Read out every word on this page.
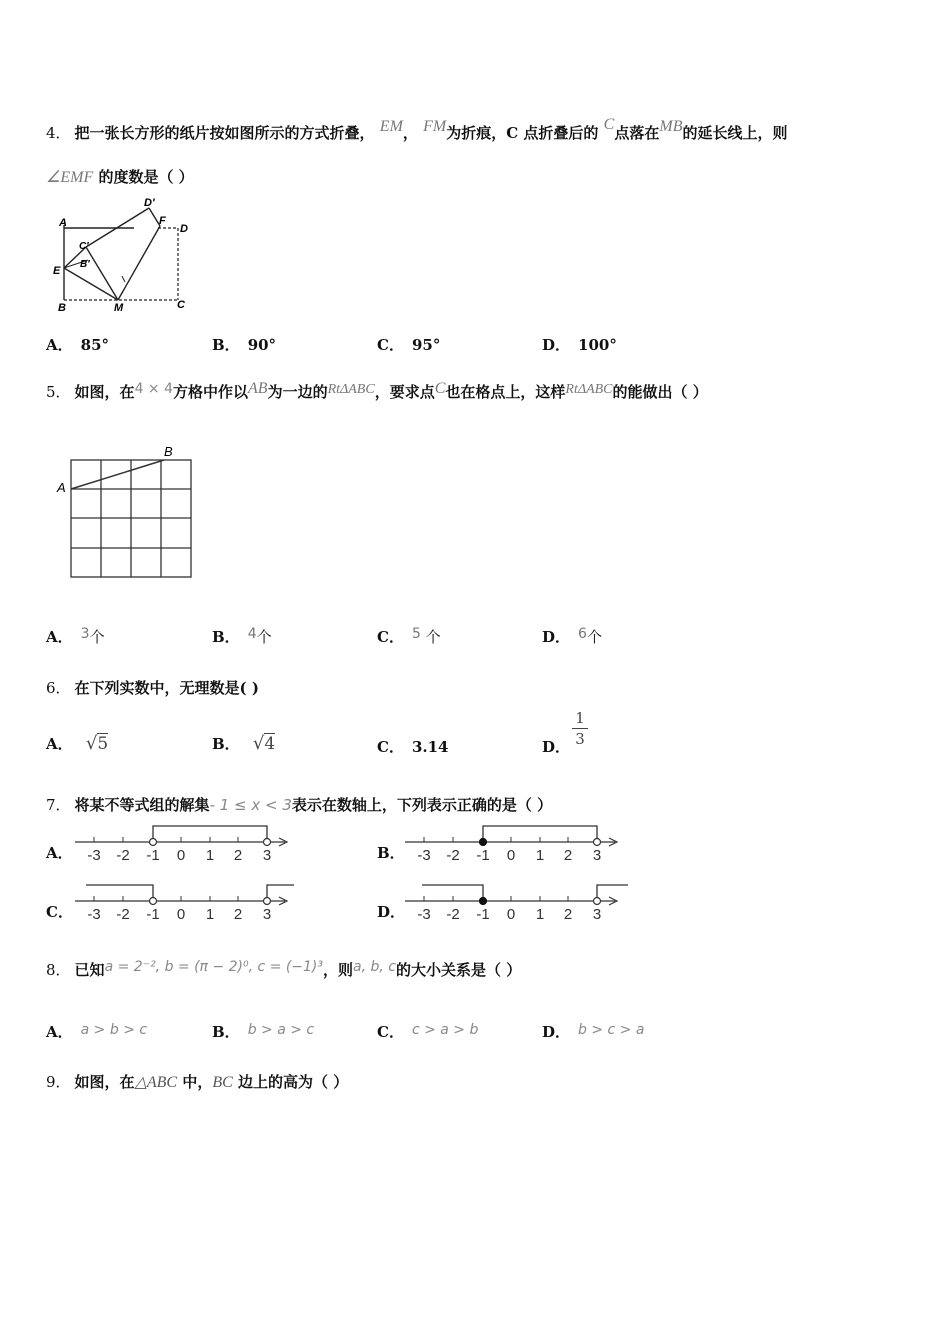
4． 把一张长方形的纸片按如图所示的方式折叠， EM， FM为折痕，C 点折叠后的 C点落在MB的延长线上，则
∠EMF 的度数是（ ）
A
D′
F
D
C′
B′
E
B	M	C
A． 85°	B． 90°	C． 95°	D． 100°
5． 如图，在4 × 4方格中作以AB为一边的RtΔABC，要求点C也在格点上，这样RtΔABC的能做出（ ）
A
B
A． 3个	B． 4个	C． 5 个	D． 6个
6． 在下列实数中，无理数是( )
A． √5	B． √4	C． 3.14	D． $\frac{1}{3}$
7． 将某不等式组的解集- 1 ≤ x < 3表示在数轴上，下列表示正确的是（ ）
A．	B．
C．	D．
-3 -2 -1 0 1 2 3	-3 -2 -1 0 1 2 3
-3 -2 -1 0 1 2 3	-3 -2 -1 0 1 2 3
8． 已知a = 2⁻², b = (π − 2)⁰, c = (−1)³，则a, b, c的大小关系是（ ）
A． a > b > c	B． b > a > c	C． c > a > b	D． b > c > a
9． 如图，在△ABC 中，BC 边上的高为（ ）
